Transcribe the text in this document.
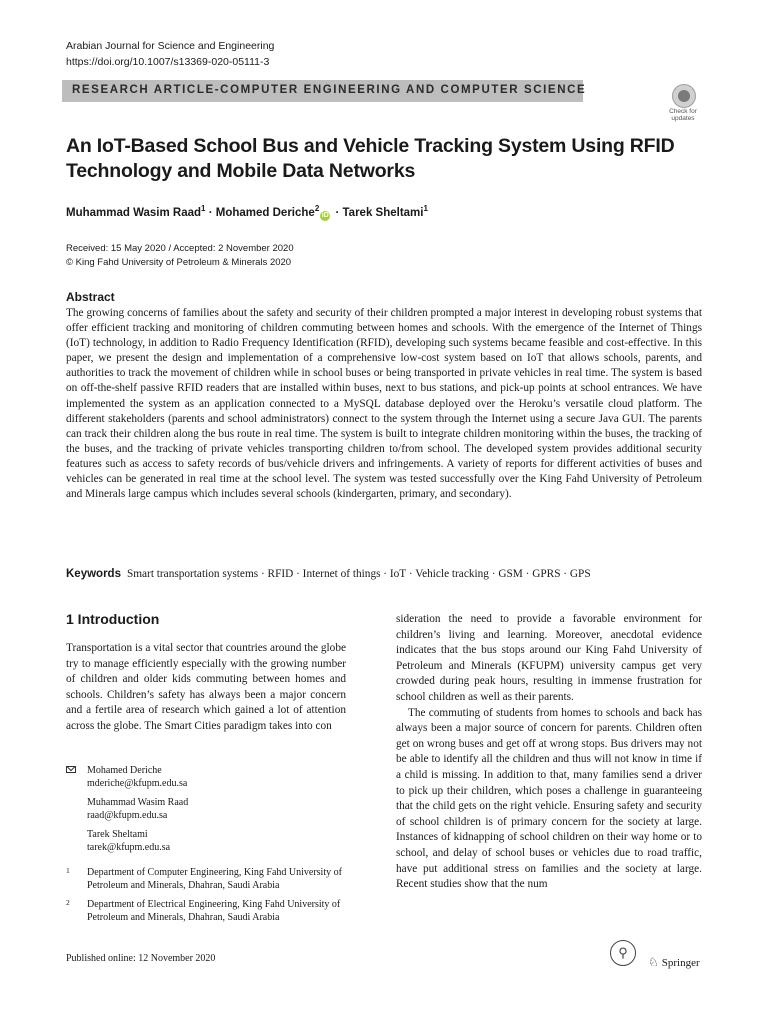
Arabian Journal for Science and Engineering
https://doi.org/10.1007/s13369-020-05111-3
RESEARCH ARTICLE-COMPUTER ENGINEERING AND COMPUTER SCIENCE
Check for updates
An IoT-Based School Bus and Vehicle Tracking System Using RFID Technology and Mobile Data Networks
Muhammad Wasim Raad$^1$ · Mohamed Deriche$^2$iD · Tarek Sheltami$^1$
Received: 15 May 2020 / Accepted: 2 November 2020
© King Fahd University of Petroleum & Minerals 2020
Abstract
The growing concerns of families about the safety and security of their children prompted a major interest in developing robust systems that offer efficient tracking and monitoring of children commuting between homes and schools. With the emergence of the Internet of Things (IoT) technology, in addition to Radio Frequency Identification (RFID), developing such systems became feasible and cost-effective. In this paper, we present the design and implementation of a comprehensive low-cost system based on IoT that allows schools, parents, and authorities to track the movement of children while in school buses or being transported in private vehicles in real time. The system is based on off-the-shelf passive RFID readers that are installed within buses, next to bus stations, and pick-up points at school entrances. We have implemented the system as an application connected to a MySQL database deployed over the Heroku’s versatile cloud platform. The different stakeholders (parents and school administrators) connect to the system through the Internet using a secure Java GUI. The parents can track their children along the bus route in real time. The system is built to integrate children monitoring within the buses, the tracking of the buses, and the tracking of private vehicles transporting children to/from school. The developed system provides additional security features such as access to safety records of bus/vehicle drivers and infringements. A variety of reports for different activities of buses and vehicles can be generated in real time at the school level. The system was tested successfully over the King Fahd University of Petroleum and Minerals large campus which includes several schools (kindergarten, primary, and secondary).
Keywords Smart transportation systems · RFID · Internet of things · IoT · Vehicle tracking · GSM · GPRS · GPS
1 Introduction

Transportation is a vital sector that countries around the globe try to manage efficiently especially with the growing number of children and older kids commuting between homes and schools. Children’s safety has always been a major concern and a fertile area of research which gained a lot of attention across the globe. The Smart Cities paradigm takes into con

sideration the need to provide a favorable environment for children’s living and learning. Moreover, anecdotal evidence indicates that the bus stops around our King Fahd University of Petroleum and Minerals (KFUPM) university campus get very crowded during peak hours, resulting in immense frustration for school children as well as their parents.

The commuting of students from homes to schools and back has always been a major source of concern for parents. Children often get on wrong buses and get off at wrong stops. Bus drivers may not be able to identify all the children and thus will not know in time if a child is missing. In addition to that, many families send a driver to pick up their children, which poses a challenge in guaranteeing that the child gets on the right vehicle. Ensuring safety and security of school children is of primary concern for the society at large. Instances of kidnapping of school children on their way home or to school, and delay of school buses or vehicles due to road traffic, have put additional stress on families and the society at large. Recent studies show that the num

Mohamed Deriche
mderiche@kfupm.edu.sa
Muhammad Wasim Raad
raad@kfupm.edu.sa
Tarek Sheltami
tarek@kfupm.edu.sa
1 Department of Computer Engineering, King Fahd University of Petroleum and Minerals, Dhahran, Saudi Arabia
2 Department of Electrical Engineering, King Fahd University of Petroleum and Minerals, Dhahran, Saudi Arabia
Published online: 12 November 2020	⚲
♘ Springer
